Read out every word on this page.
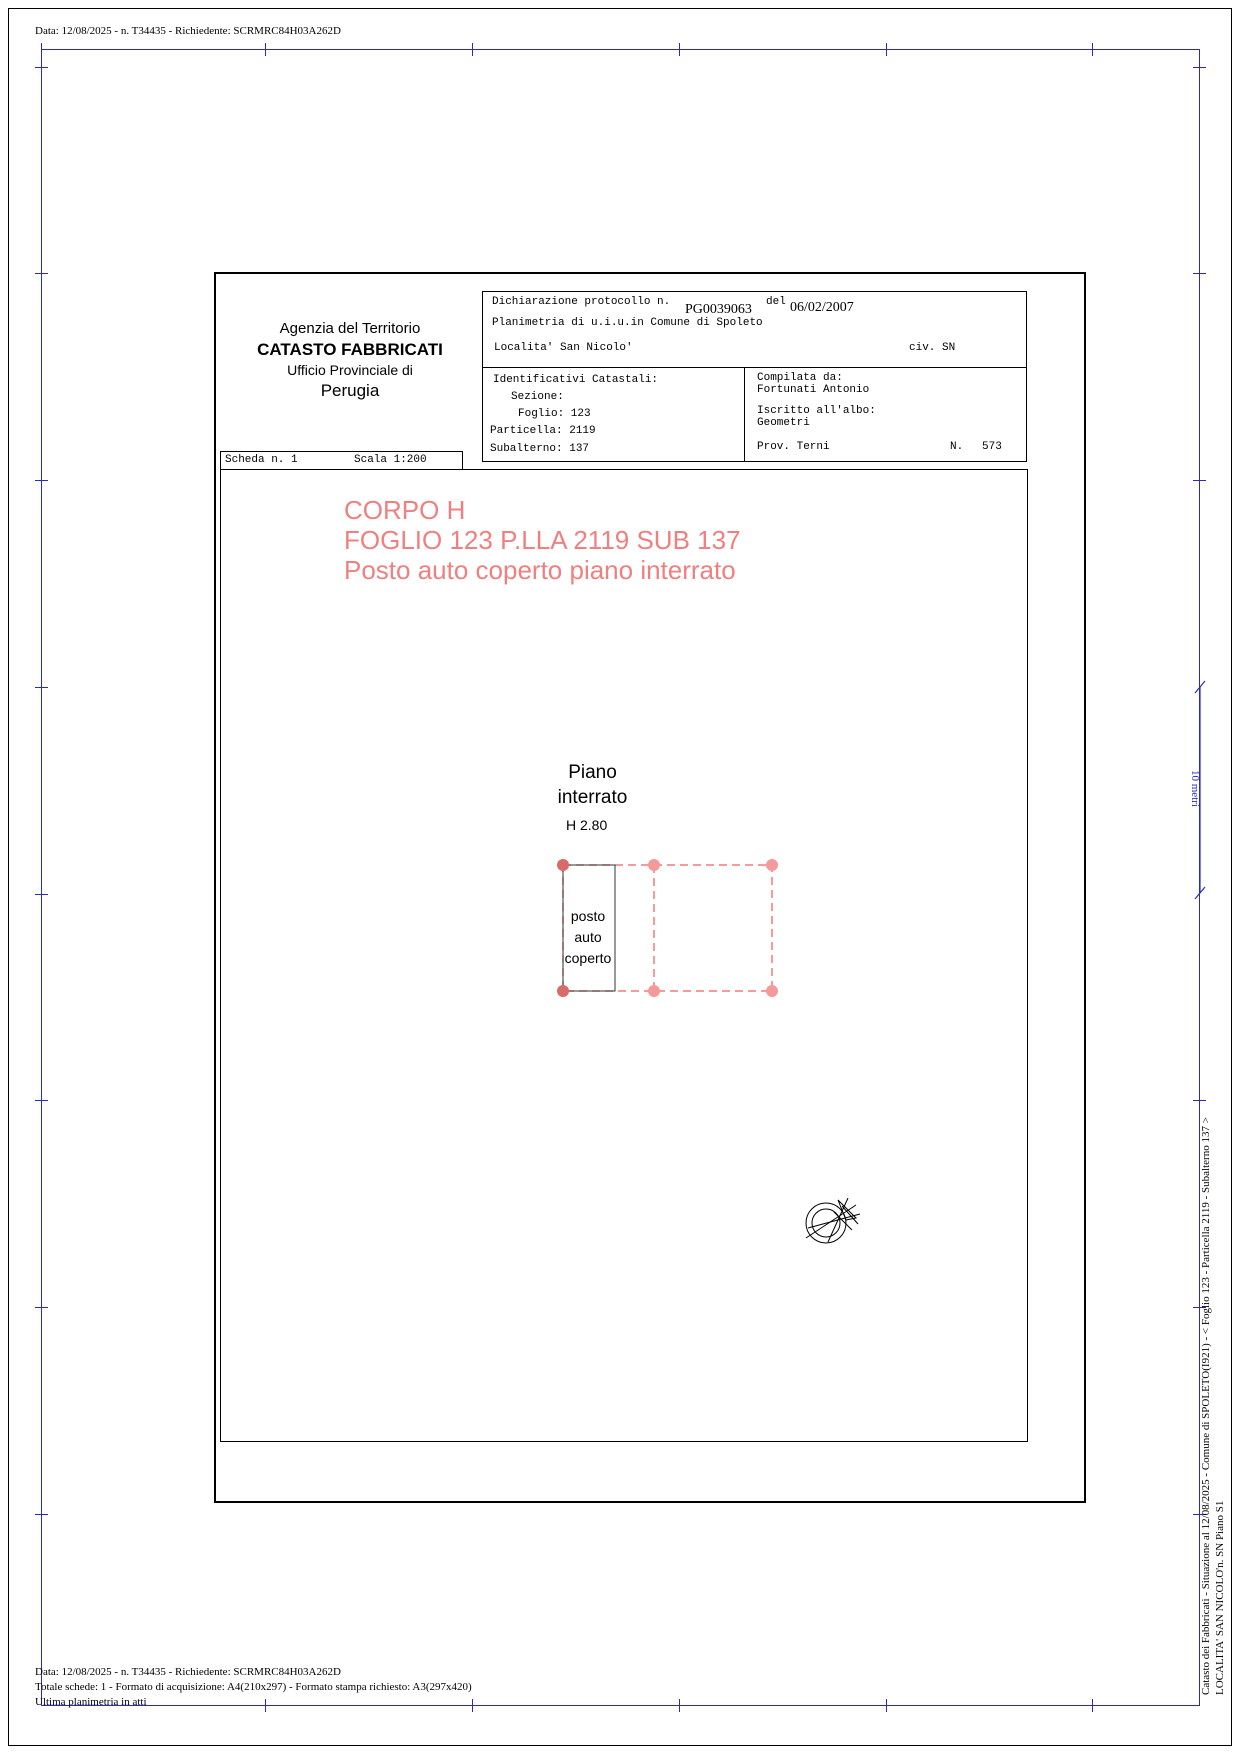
Data: 12/08/2025 - n. T34435 - Richiedente: SCRMRC84H03A262D
10 metri
Catasto dei Fabbricati - Situazione al 12/08/2025 - Comune di SPOLETO(I921) - < Foglio 123 - Particella 2119 - Subalterno 137 > LOCALITA' SAN NICOLO'n. SN Piano S1
Agenzia del Territorio
CATASTO FABBRICATI
Ufficio Provinciale di
Perugia
Dichiarazione protocollo n. PG0039063 del 06/02/2007
Planimetria di u.i.u.in Comune di Spoleto
Localita' San Nicolo'	civ. SN
Identificativi Catastali:
Sezione:
Foglio: 123
Particella: 2119
Subalterno: 137
Compilata da:
Fortunati Antonio
Iscritto all'albo:
Geometri
Prov. Terni	N. 573
Scheda n. 1	Scala 1:200
CORPO H
FOGLIO 123 P.LLA 2119 SUB 137
Posto auto coperto piano interrato
Piano
interrato
H 2.80
posto
auto
coperto
Data: 12/08/2025 - n. T34435 - Richiedente: SCRMRC84H03A262D
Totale schede: 1 - Formato di acquisizione: A4(210x297) - Formato stampa richiesto: A3(297x420)
Ultima planimetria in atti
